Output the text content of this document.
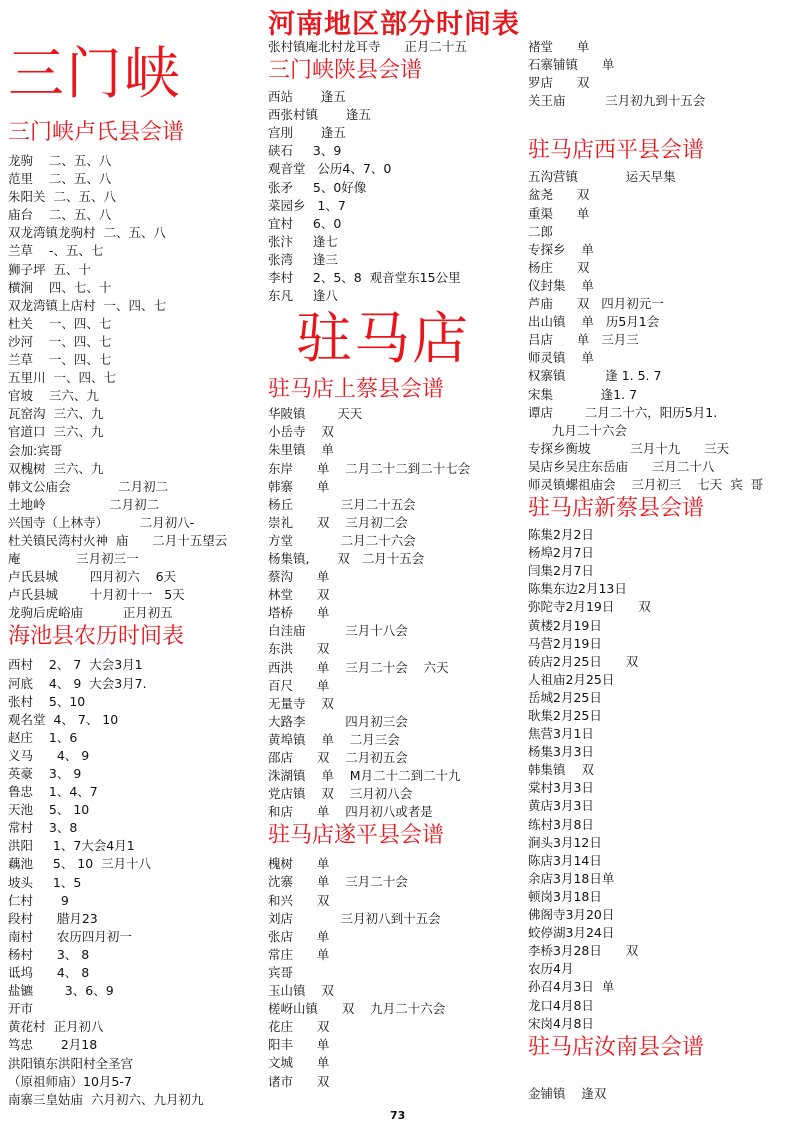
河南地区部分时间表
三门峡
三门峡卢氏县会谱
龙驹    二、五、八
范里    二、五、八
朱阳关  二、五、八
庙台    二、五、八
双龙湾镇龙驹村  二、五、八
兰草    -、五、七
狮子坪  五、十
横涧    四、七、十
双龙湾镇上店村  一、四、七
杜关    一、四、七
沙河    一、四、七
兰草    一、四、七
五里川  一、四、七
官坡    三六、九
瓦窑沟  三六、九
官道口  三六、九
会加:宾哥
双槐树  三六、九
韩文公庙会            二月初二
土地岭                二月初二
兴国寺（上林寺）        二月初八-
杜关镇民湾村火神  庙      二月十五望云
庵              三月初三一
卢氏县城        四月初六    6天
卢氏县城        十月初十一   5天
龙驹后虎峪庙          正月初五
海池县农历时间表
西村    2、 7  大会3月1
河底    4、 9  大会3月7.
张村    5、10
观名堂  4、 7、 10
赵庄    1、6
义马      4、 9
英豪    3、 9
鲁忠    1、4、7
天池    5、 10
常村    3、8
洪阳     1、7大会4月1
藕池     5、 10  三月十八
坡头     1、5
仁村       9
段村      腊月23
南村      农历四月初一
杨村      3、 8
诋坞      4、 8
盐镳        3、6、9
开市
黄花村  正月初八
笃忠       2月18
洪阳镇东洪阳村全圣宫
（原祖师庙）10月5-7
南寨三皇姑庙  六月初六、九月初九
张村镇庵北村龙耳寺      正月二十五
三门峡陕县会谱
西站       逢五
西张村镇       逢五
宫刖       逢五
硖石     3、9
观音堂   公历4、7、0
张矛     5、0好像
菜园乡   1、7
宜村     6、0
张汴     逢七
张湾     逢三
李村     2、5、8  观音堂东15公里
东凡     逢八
驻马店
驻马店上蔡县会谱
华陂镇        天天
小岳寺    双
朱里镇    单
东岸      单    二月二十二到二十七会
韩寨      单
杨丘            三月二十五会
崇礼      双    三月初二会
方堂            二月二十六会
杨集镇,       双   二月十五会
蔡沟      单
林堂      双
塔桥      单
白洼庙          三月十八会
东洪      双
西洪      单    三月二十会    六天
百尺      单
无量寺    双
大路李          四月初三会
黄埠镇    单    二月三会
邵店      双    二月初五会
洙湖镇    单    M月二十二到二十九
党店镇    双    三月初八会
和店      单    四月初八或者是
驻马店遂平县会谱
槐树      单
沈寨      单    三月二十会
和兴      双
刘店            三月初八到十五会
张店      单
常庄      单
宾哥
玉山镇    双
槎岈山镇      双    九月二十六会
花庄      双
阳丰      单
文城      单
诸市      双
褚堂      单
石寨铺镇      单
罗店      双
关王庙          三月初九到十五会
驻马店西平县会谱
五沟营镇            运天早集
盆尧      双
重渠      单
二郎
专探乡    单
杨庄      双
仪封集    单
芦庙      双   四月初元一
出山镇    单   历5月1会
吕店      单   三月三
师灵镇    单
权寨镇          逢 1. 5. 7
宋集            逢1. 7
谭店        二月二十六，阳历5月1.
九月二十六会
专探乡衡坡          三月十九      三天
吴店乡吴庄东岳庙      三月二十八
师灵镇螺祖庙会    三月初三    七天  宾  哥
驻马店新蔡县会谱
陈集2月2日
杨埠2月7日
闫集2月7日
陈集东边2月13日
弥陀寺2月19日      双
黄楼2月19日
马营2月19日
砖店2月25日      双
人祖庙2月25日
岳城2月25日
耿集2月25日
焦营3月1日
杨集3月3日
韩集镇    双
棠村3月3日
黄店3月3日
练村3月8日
涧头3月12日
陈店3月14日
余店3月18日单
顿岗3月18日
佛阁寺3月20日
蛟停湖3月24日
李桥3月28日      双
农历4月
孙召4月3日  单
龙口4月8日
宋岗4月8日
驻马店汝南县会谱
金铺镇    逢双
73
